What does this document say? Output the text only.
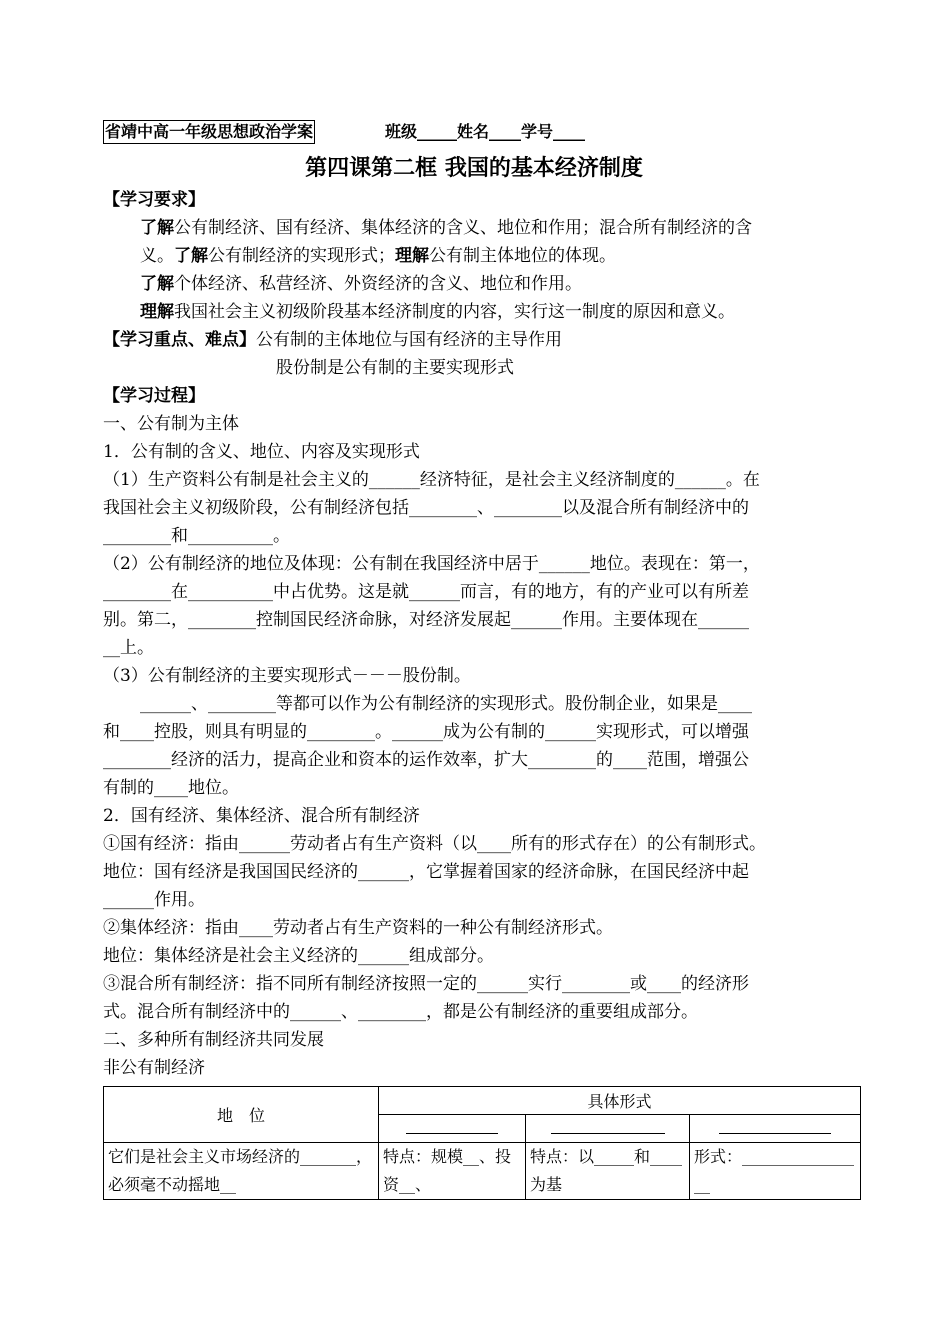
省靖中高一年级思想政治学案	班级_____姓名____学号____
第四课第二框 我国的基本经济制度
【学习要求】
了解公有制经济、国有经济、集体经济的含义、地位和作用；混合所有制经济的含
义。了解公有制经济的实现形式；理解公有制主体地位的体现。
了解个体经济、私营经济、外资经济的含义、地位和作用。
理解我国社会主义初级阶段基本经济制度的内容，实行这一制度的原因和意义。
【学习重点、难点】公有制的主体地位与国有经济的主导作用
股份制是公有制的主要实现形式
【学习过程】
一、公有制为主体
1．公有制的含义、地位、内容及实现形式
（1）生产资料公有制是社会主义的______经济特征，是社会主义经济制度的______。在
我国社会主义初级阶段，公有制经济包括________、________以及混合所有制经济中的
________和__________。
（2）公有制经济的地位及体现：公有制在我国经济中居于______地位。表现在：第一，
________在__________中占优势。这是就______而言，有的地方，有的产业可以有所差
别。第二，________控制国民经济命脉，对经济发展起______作用。主要体现在______
__上。
（3）公有制经济的主要实现形式－－－股份制。
______、________等都可以作为公有制经济的实现形式。股份制企业，如果是____
和____控股，则具有明显的________。______成为公有制的______实现形式，可以增强
________经济的活力，提高企业和资本的运作效率，扩大________的____范围，增强公
有制的____地位。
2．国有经济、集体经济、混合所有制经济
①国有经济：指由______劳动者占有生产资料（以____所有的形式存在）的公有制形式。
地位：国有经济是我国国民经济的______，它掌握着国家的经济命脉，在国民经济中起
______作用。
②集体经济：指由____劳动者占有生产资料的一种公有制经济形式。
地位：集体经济是社会主义经济的______组成部分。
③混合所有制经济：指不同所有制经济按照一定的______实行________或____的经济形
式。混合所有制经济中的______、________，都是公有制经济的重要组成部分。
二、多种所有制经济共同发展
非公有制经济
地　位	具体形式		

它们是社会主义市场经济的_______，必须毫不动摇地__	特点：规模__、投资__、	特点：以_____和____为基	形式：________________
